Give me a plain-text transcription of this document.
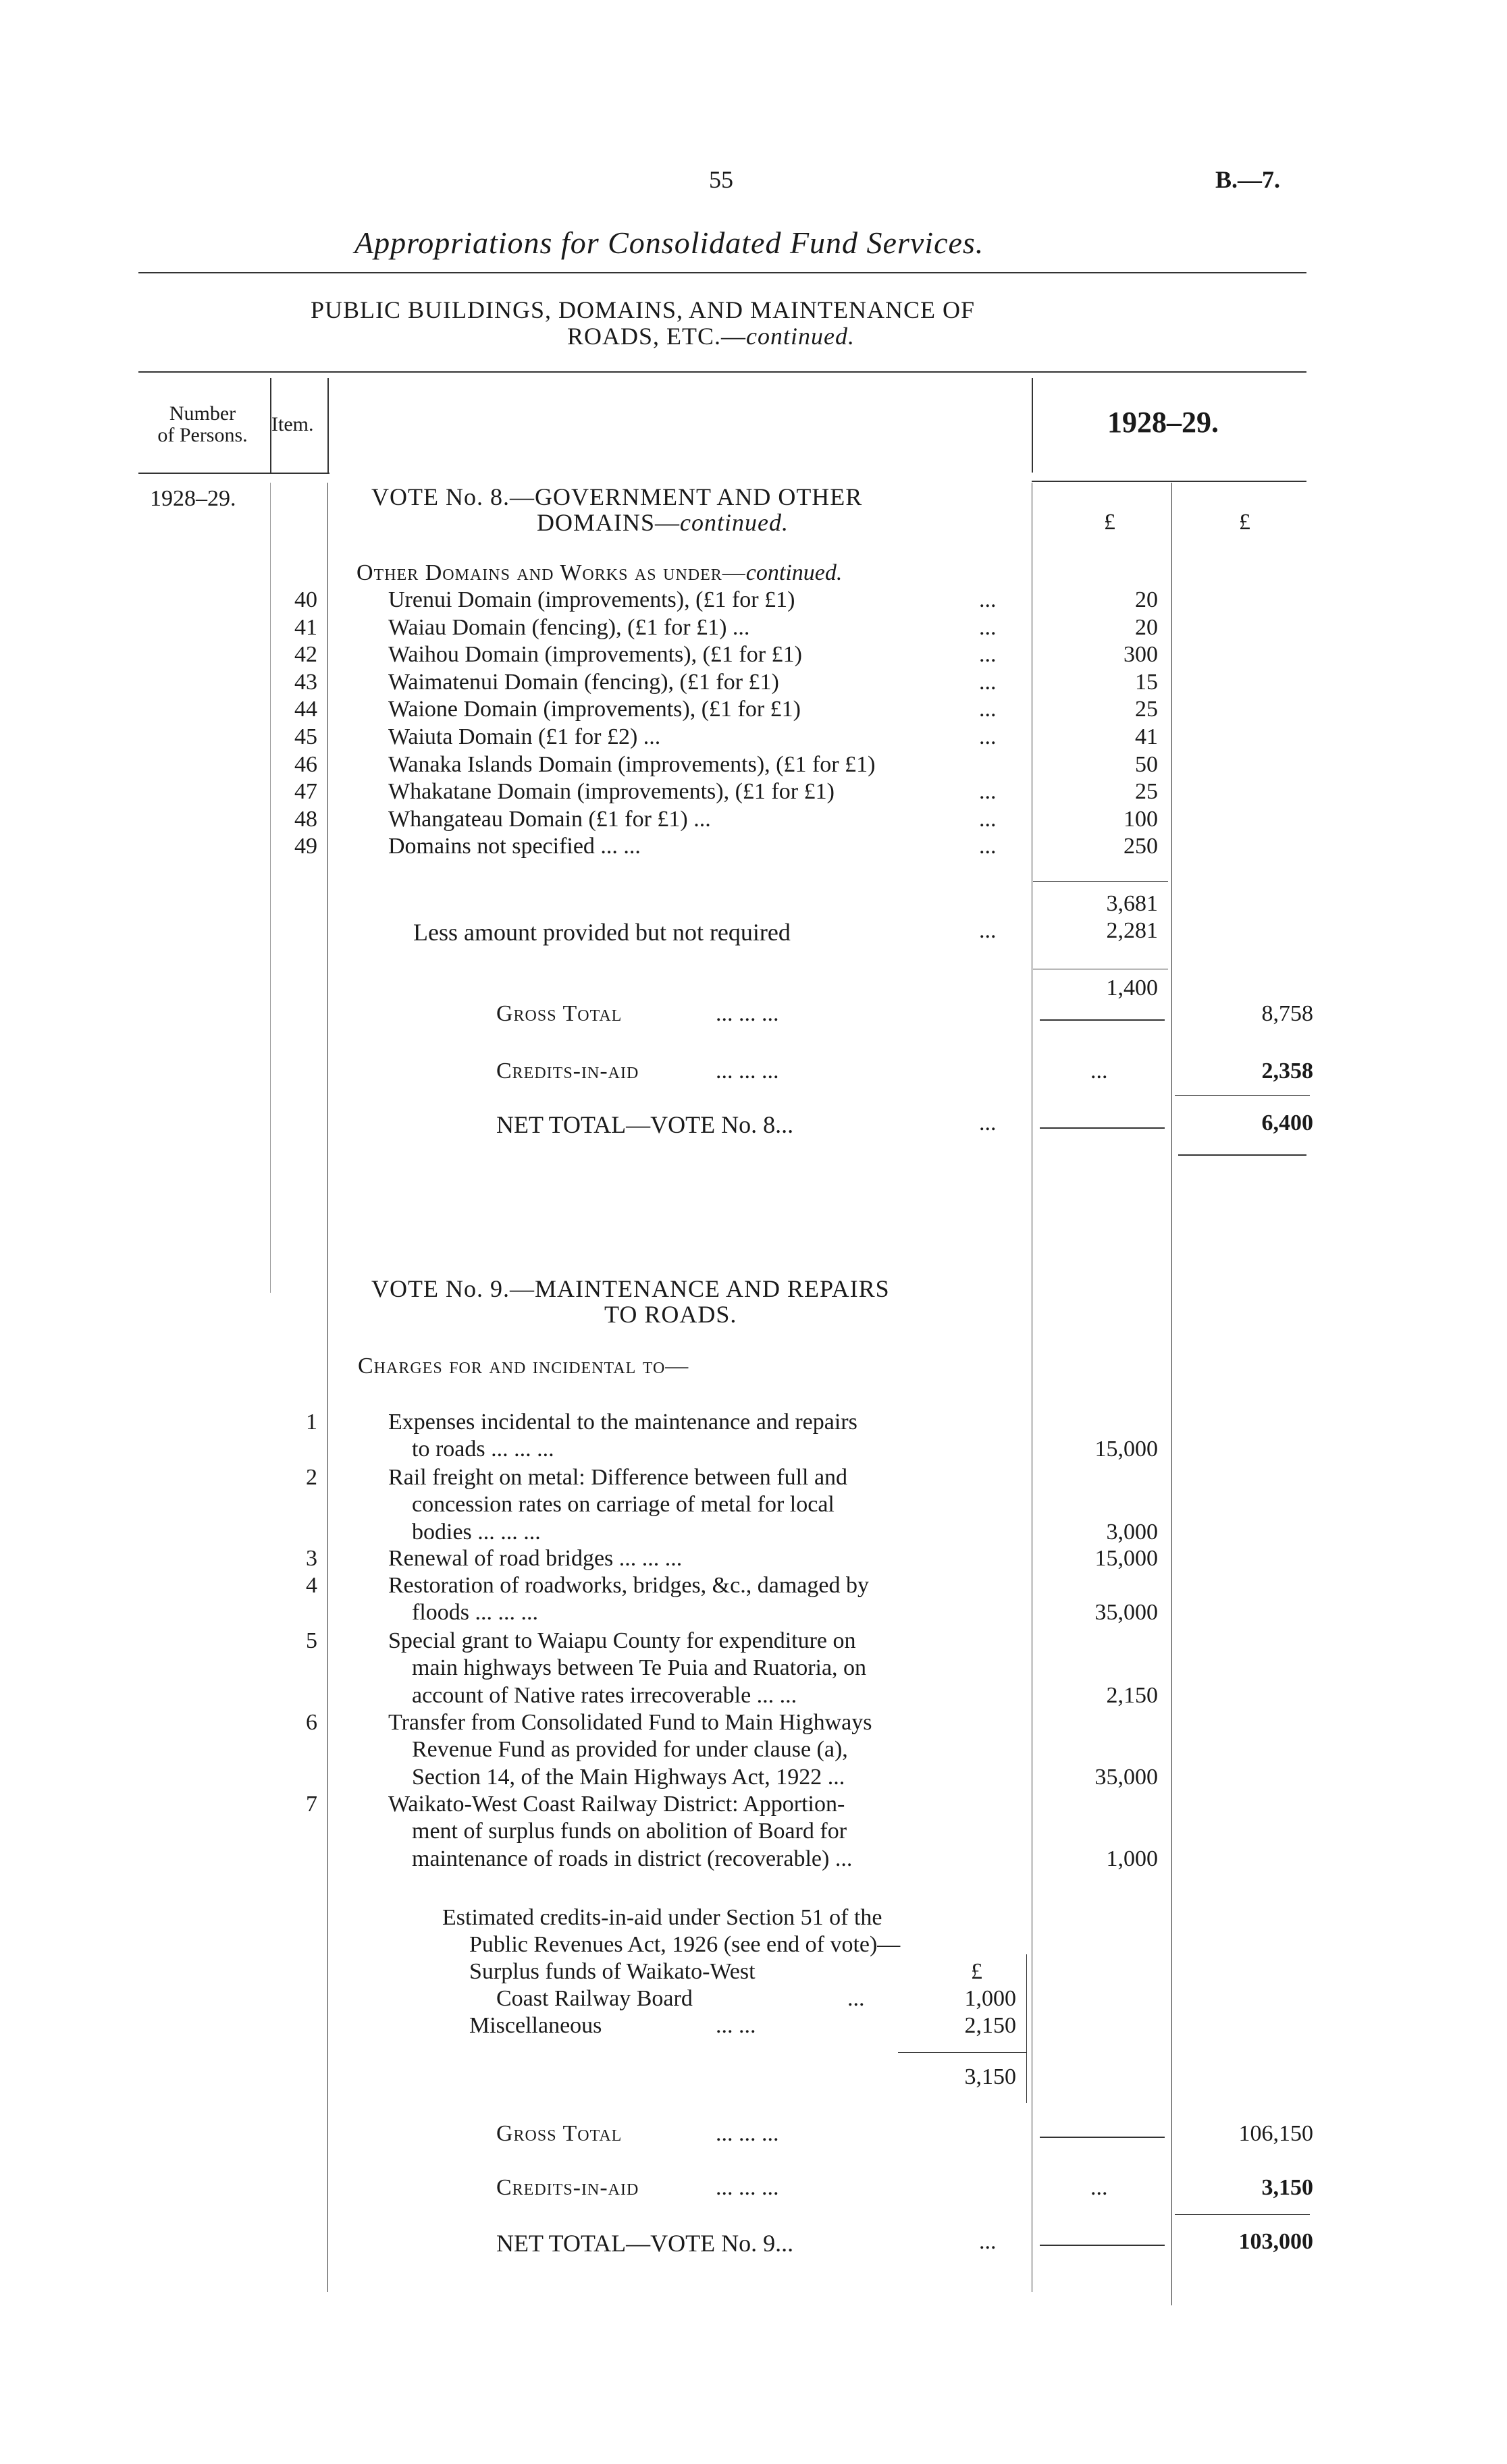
55	B.—7.
Appropriations for Consolidated Fund Services.
PUBLIC BUILDINGS, DOMAINS, AND MAINTENANCE OF
ROADS, ETC.—continued.
Number
of Persons.	Item.	1928–29.
1928–29.	VOTE No. 8.—GOVERNMENT AND OTHER
DOMAINS—continued.	£	£
Other Domains and Works as under—continued.
40	Urenui Domain (improvements), (£1 for £1)	...	20
41	Waiau Domain (fencing), (£1 for £1) ...	...	20
42	Waihou Domain (improvements), (£1 for £1)	...	300
43	Waimatenui Domain (fencing), (£1 for £1)	...	15
44	Waione Domain (improvements), (£1 for £1)	...	25
45	Waiuta Domain (£1 for £2) ...	...	41
46	Wanaka Islands Domain (improvements), (£1 for £1)	50
47	Whakatane Domain (improvements), (£1 for £1)	...	25
48	Whangateau Domain (£1 for £1) ...	...	100
49	Domains not specified ... ...	...	250
3,681
Less amount provided but not required	...	2,281
1,400
Gross Total	... ... ...	8,758
Credits-in-aid	... ... ...	...	2,358
NET TOTAL—VOTE No. 8...	...	6,400
VOTE No. 9.—MAINTENANCE AND REPAIRS
TO ROADS.
Charges for and incidental to—
1	Expenses incidental to the maintenance and repairs
to roads ... ... ...	15,000
2	Rail freight on metal: Difference between full and
concession rates on carriage of metal for local
bodies ... ... ...	3,000
3	Renewal of road bridges ... ... ...	15,000
4	Restoration of roadworks, bridges, &c., damaged by
floods ... ... ...	35,000
5	Special grant to Waiapu County for expenditure on
main highways between Te Puia and Ruatoria, on
account of Native rates irrecoverable ... ...	2,150
6	Transfer from Consolidated Fund to Main Highways
Revenue Fund as provided for under clause (a),
Section 14, of the Main Highways Act, 1922 ...	35,000
7	Waikato-West Coast Railway District: Apportion-
ment of surplus funds on abolition of Board for
maintenance of roads in district (recoverable) ...	1,000
Estimated credits-in-aid under Section 51 of the
Public Revenues Act, 1926 (see end of vote)—
Surplus funds of Waikato-West	£
Coast Railway Board	...	1,000
Miscellaneous	... ...	2,150
3,150
Gross Total	... ... ...	106,150
Credits-in-aid	... ... ...	...	3,150
NET TOTAL—VOTE No. 9...	...	103,000
